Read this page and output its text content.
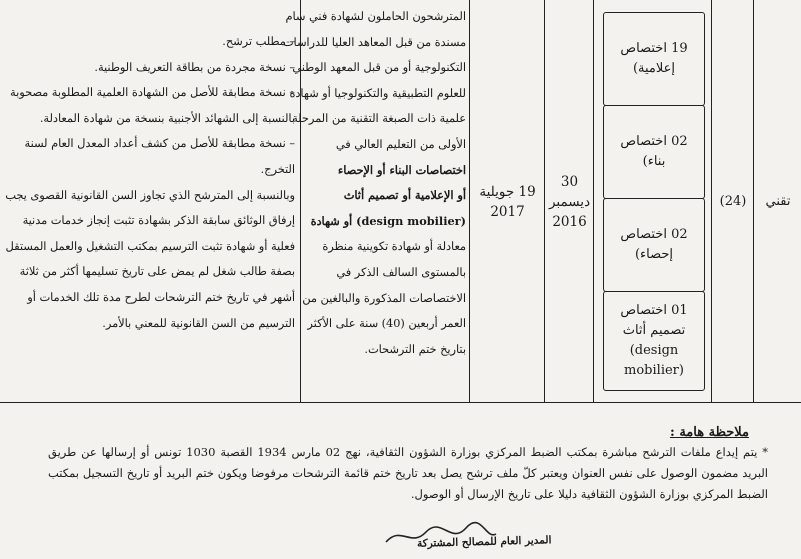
تقني
(24)
19 اختصاص
إعلامية)
02 اختصاص
بناء)
02 اختصاص
إحصاء)
01 اختصاص
تصميم أثاث
(design mobilier)
30
ديسمبر
2016
19 جويلية
2017
المترشحون الحاملون لشهادة فني سام
مسندة من قبل المعاهد العليا للدراسات
التكنولوجية أو من قبل المعهد الوطني
للعلوم التطبيقية والتكنولوجيا أو شهادة
علمية ذات الصبغة التقنية من المرحلة
الأولى من التعليم العالي في
اختصاصات البناء أو الإحصاء
أو الإعلامية أو تصميم أثاث
(design mobilier) أو شهادة
معادلة أو شهادة تكوينية منظرة
بالمستوى السالف الذكر في
الاختصاصات المذكورة والبالغين من
العمر أربعين (40) سنة على الأكثر
بتاريخ ختم الترشحات.
– مطلب ترشح.
– نسخة مجردة من بطاقة التعريف الوطنية.
– نسخة مطابقة للأصل من الشهادة العلمية المطلوبة مصحوبة
بالنسبة إلى الشهائد الأجنبية بنسخة من شهادة المعادلة.
– نسخة مطابقة للأصل من كشف أعداد المعدل العام لسنة
التخرج.
وبالنسبة إلى المترشح الذي تجاوز السن القانونية القصوى يجب
إرفاق الوثائق سابقة الذكر بشهادة تثبت إنجاز خدمات مدنية
فعلية أو شهادة تثبت الترسيم بمكتب التشغيل والعمل المستقل
بصفة طالب شغل لم يمض على تاريخ تسليمها أكثر من ثلاثة
أشهر في تاريخ ختم الترشحات لطرح مدة تلك الخدمات أو
الترسيم من السن القانونية للمعني بالأمر.
ملاحظة هامة :
* يتم إيداع ملفات الترشح مباشرة بمكتب الضبط المركزي بوزارة الشؤون الثقافية، نهج 02 مارس 1934 القصبة 1030 تونس أو إرسالها عن طريق البريد مضمون الوصول على نفس العنوان ويعتبر كلّ ملف ترشح يصل بعد تاريخ ختم قائمة الترشحات مرفوضا ويكون ختم البريد أو تاريخ التسجيل بمكتب الضبط المركزي بوزارة الشؤون الثقافية دليلا على تاريخ الإرسال أو الوصول.
المدير العام للمصالح المشتركة
